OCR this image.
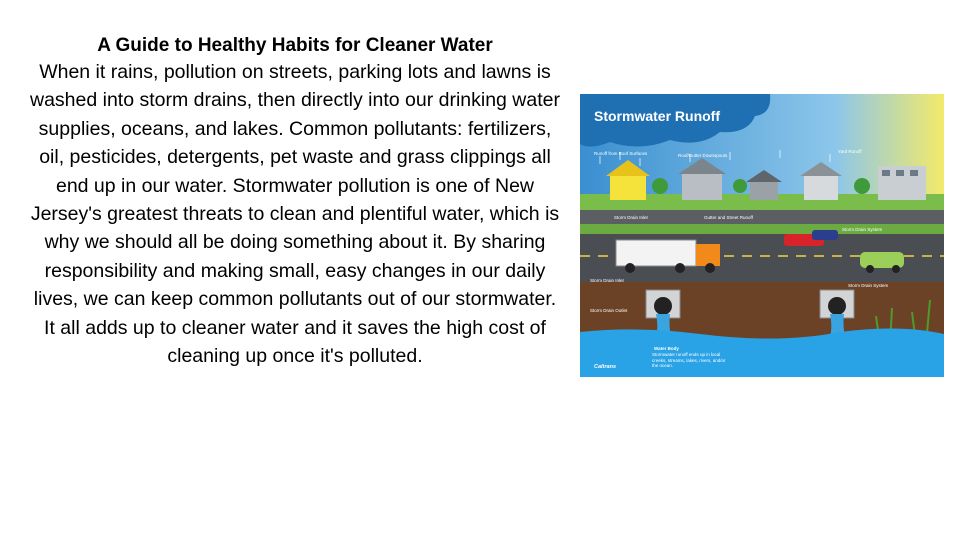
A Guide to Healthy Habits for Cleaner Water
When it rains, pollution on streets, parking lots and lawns is washed into storm drains, then directly into our drinking water supplies, oceans, and lakes. Common pollutants: fertilizers, oil, pesticides, detergents, pet waste and grass clippings all end up in our water. Stormwater pollution is one of New Jersey's greatest threats to clean and plentiful water, which is why we should all be doing something about it. By sharing responsibility and making small, easy changes in our daily lives, we can keep common pollutants out of our stormwater. It all adds up to cleaner water and it saves the high cost of cleaning up once it's polluted.
Stormwater Runoff
Runoff from Roof Surfaces	Roof/Gutter Downspouts
Yard Runoff
Storm Drain Inlet	Gutter and Street Runoff
Storm Drain System
Storm Drain Inlet
Storm Drain System
Storm Drain Outlet
Water Body
Caltrans
Stormwater runoff ends up in local creeks, streams, lakes, rivers, and/or the ocean.
